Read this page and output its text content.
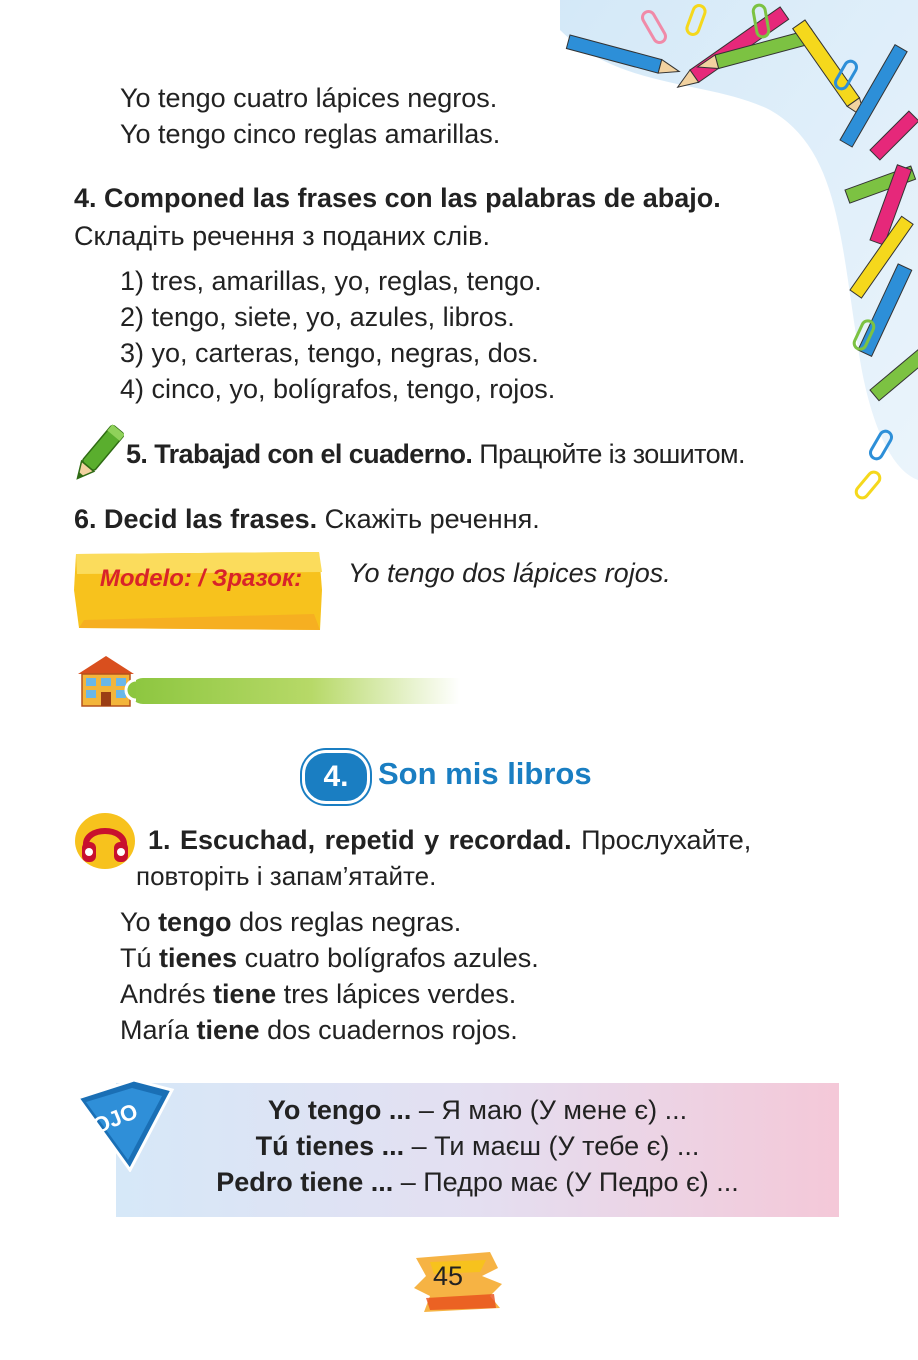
Yo tengo cuatro lápices negros.
Yo tengo cinco reglas amarillas.
4. Componed las frases con las palabras de abajo.
Складіть речення з поданих слів.
1) tres, amarillas, yo, reglas, tengo.
2) tengo, siete, yo, azules, libros.
3) yo, carteras, tengo, negras, dos.
4) cinco, yo, bolígrafos, tengo, rojos.
5. Trabajad con el cuaderno. Працюйте із зошитом.
6. Decid las frases. Скажіть речення.
Modelo: / Зразок:	Yo tengo dos lápices rojos.
4. Son mis libros
1. Escuchad, repetid y recordad. Прослухайте,
повторіть і запам’ятайте.
Yo tengo dos reglas negras.
Tú tienes cuatro bolígrafos azules.
Andrés tiene tres lápices verdes.
María tiene dos cuadernos rojos.
OJO	Yo tengo ... – Я маю (У мене є) ...
Tú tienes ... – Ти маєш (У тебе є) ...
Pedro tiene ... – Педро має (У Педро є) ...
45
